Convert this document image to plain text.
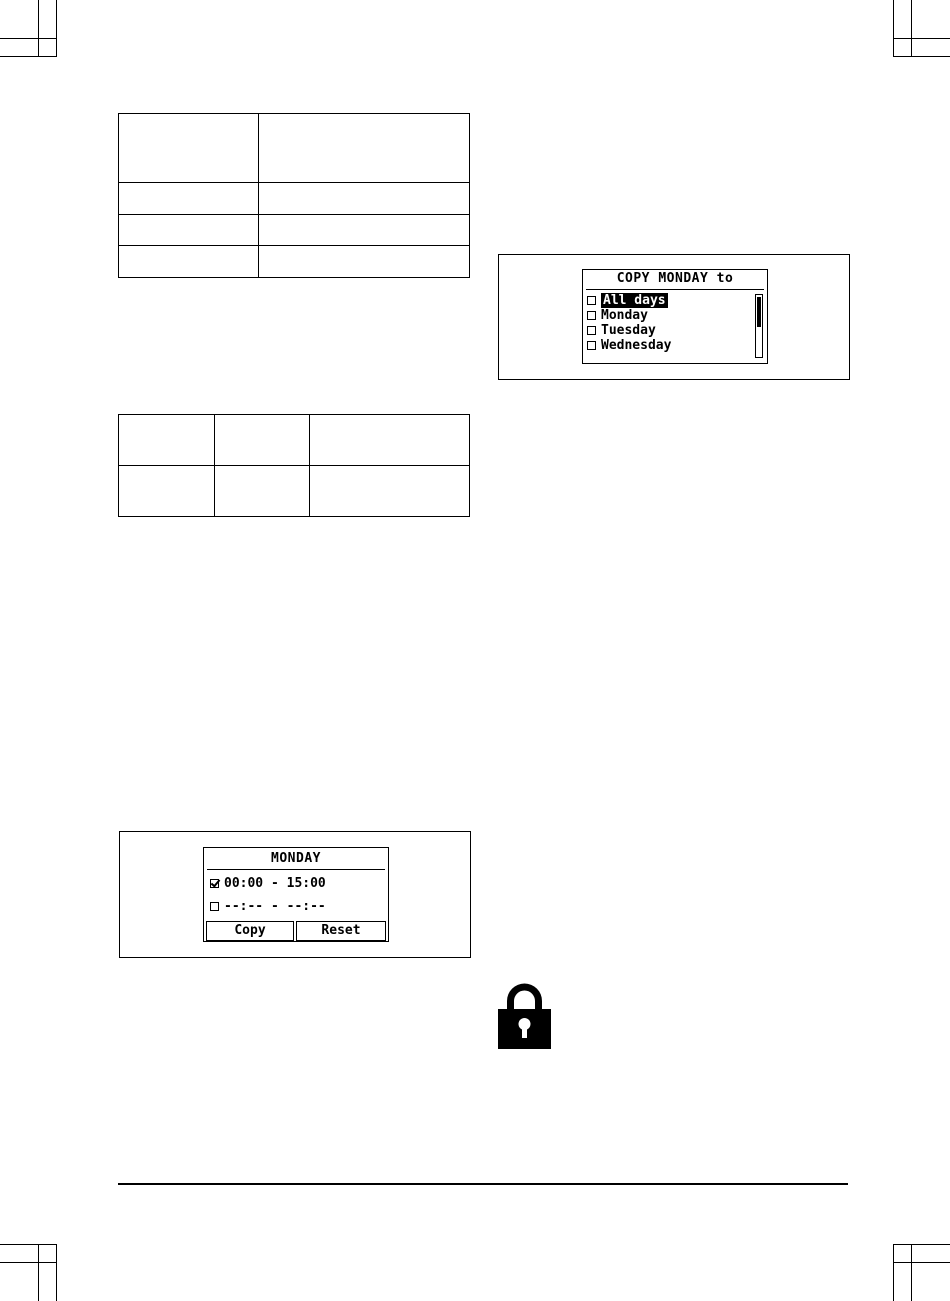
COPY MONDAY to
All days
Monday
Tuesday
Wednesday
MONDAY
00:00 - 15:00
--:-- - --:--
Copy	Reset
